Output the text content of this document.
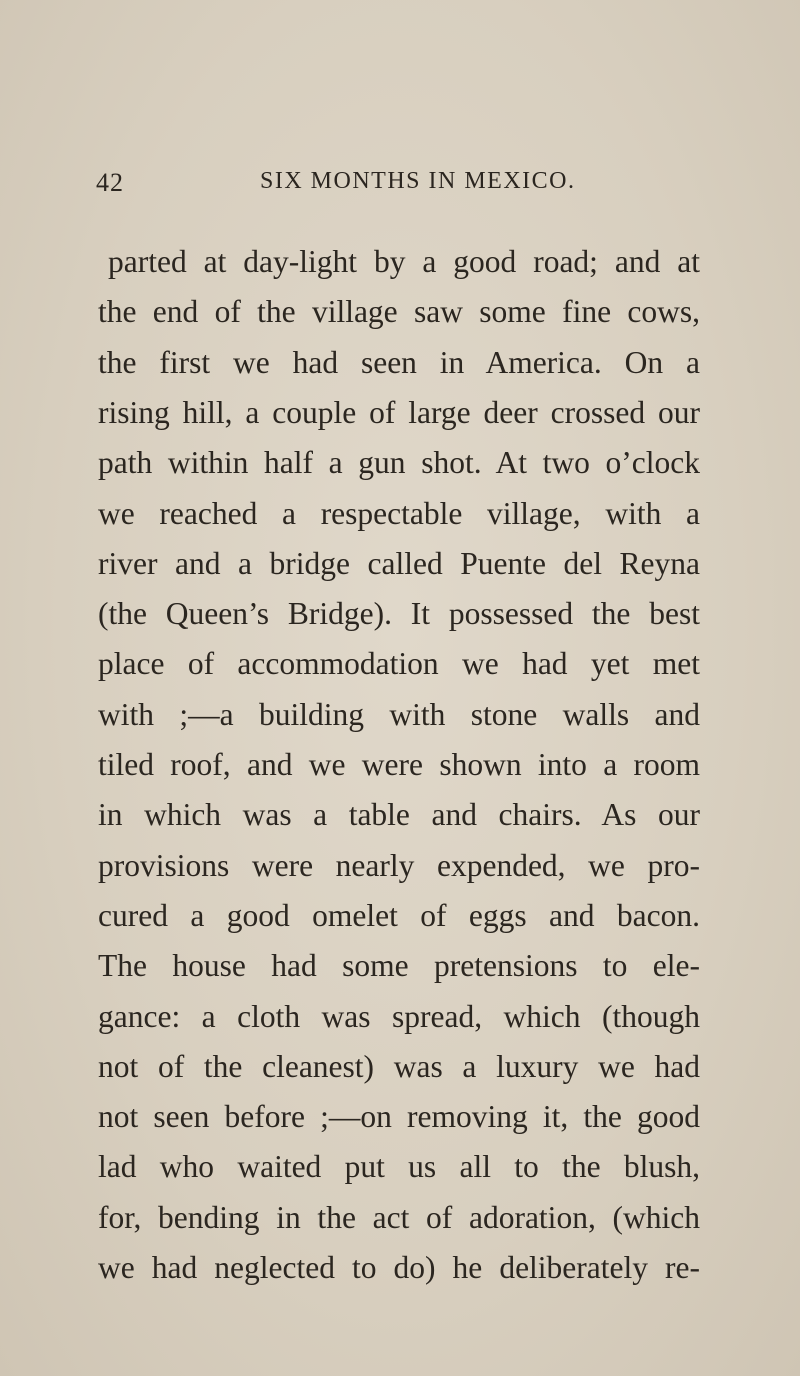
42	SIX MONTHS IN MEXICO.
parted at day-light by a good road; and at
the end of the village saw some fine cows,
the first we had seen in America. On a
rising hill, a couple of large deer crossed our
path within half a gun shot. At two o’clock
we reached a respectable village, with a
river and a bridge called Puente del Reyna
(the Queen’s Bridge). It possessed the best
place of accommodation we had yet met
with ;—a building with stone walls and
tiled roof, and we were shown into a room
in which was a table and chairs. As our
provisions were nearly expended, we pro-
cured a good omelet of eggs and bacon.
The house had some pretensions to ele-
gance: a cloth was spread, which (though
not of the cleanest) was a luxury we had
not seen before ;—on removing it, the good
lad who waited put us all to the blush,
for, bending in the act of adoration, (which
we had neglected to do) he deliberately re-
